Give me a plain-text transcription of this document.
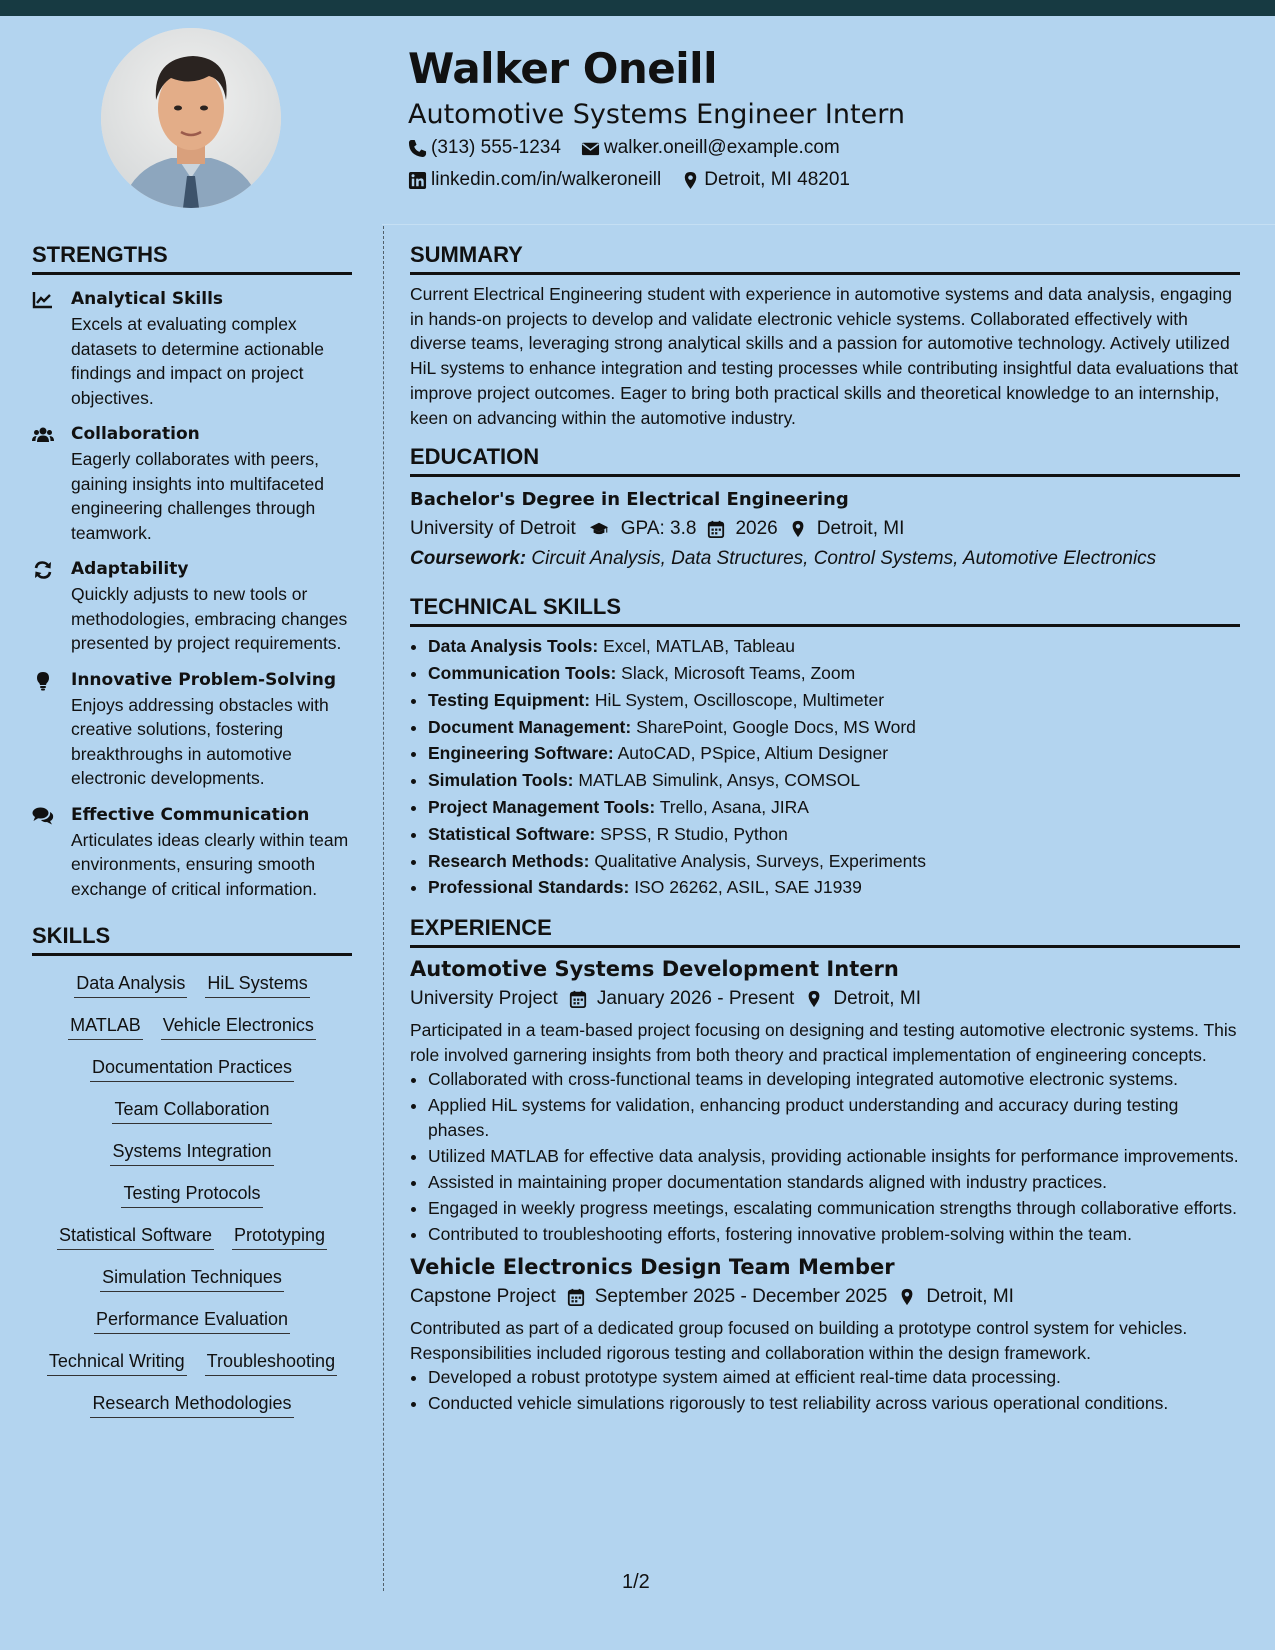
Walker Oneill
Automotive Systems Engineer Intern
(313) 555-1234 walker.oneill@example.com
linkedin.com/in/walkeroneill Detroit, MI 48201
STRENGTHS
Analytical Skills
Excels at evaluating complex datasets to determine actionable findings and impact on project objectives.
Collaboration
Eagerly collaborates with peers, gaining insights into multifaceted engineering challenges through teamwork.
Adaptability
Quickly adjusts to new tools or methodologies, embracing changes presented by project requirements.
Innovative Problem-Solving
Enjoys addressing obstacles with creative solutions, fostering breakthroughs in automotive electronic developments.
Effective Communication
Articulates ideas clearly within team environments, ensuring smooth exchange of critical information.
SKILLS
Data Analysis HiL Systems
MATLAB Vehicle Electronics
Documentation Practices
Team Collaboration
Systems Integration
Testing Protocols
Statistical Software Prototyping
Simulation Techniques
Performance Evaluation
Technical Writing Troubleshooting
Research Methodologies
SUMMARY

Current Electrical Engineering student with experience in automotive systems and data analysis, engaging in hands-on projects to develop and validate electronic vehicle systems. Collaborated effectively with diverse teams, leveraging strong analytical skills and a passion for automotive technology. Actively utilized HiL systems to enhance integration and testing processes while contributing insightful data evaluations that improve project outcomes. Eager to bring both practical skills and theoretical knowledge to an internship, keen on advancing within the automotive industry.

EDUCATION
Bachelor's Degree in Electrical Engineering
University of Detroit GPA: 3.8 2026 Detroit, MI
Coursework: Circuit Analysis, Data Structures, Control Systems, Automotive Electronics
TECHNICAL SKILLS
• Data Analysis Tools: Excel, MATLAB, Tableau
• Communication Tools: Slack, Microsoft Teams, Zoom
• Testing Equipment: HiL System, Oscilloscope, Multimeter
• Document Management: SharePoint, Google Docs, MS Word
• Engineering Software: AutoCAD, PSpice, Altium Designer
• Simulation Tools: MATLAB Simulink, Ansys, COMSOL
• Project Management Tools: Trello, Asana, JIRA
• Statistical Software: SPSS, R Studio, Python
• Research Methods: Qualitative Analysis, Surveys, Experiments
• Professional Standards: ISO 26262, ASIL, SAE J1939
EXPERIENCE
Automotive Systems Development Intern
University Project January 2026 - Present Detroit, MI
Participated in a team-based project focusing on designing and testing automotive electronic systems. This role involved garnering insights from both theory and practical implementation of engineering concepts.
• Collaborated with cross-functional teams in developing integrated automotive electronic systems.
• Applied HiL systems for validation, enhancing product understanding and accuracy during testing phases.
• Utilized MATLAB for effective data analysis, providing actionable insights for performance improvements.
• Assisted in maintaining proper documentation standards aligned with industry practices.
• Engaged in weekly progress meetings, escalating communication strengths through collaborative efforts.
• Contributed to troubleshooting efforts, fostering innovative problem-solving within the team.
Vehicle Electronics Design Team Member
Capstone Project September 2025 - December 2025 Detroit, MI
Contributed as part of a dedicated group focused on building a prototype control system for vehicles. Responsibilities included rigorous testing and collaboration within the design framework.
• Developed a robust prototype system aimed at efficient real-time data processing.
• Conducted vehicle simulations rigorously to test reliability across various operational conditions.
1/2
